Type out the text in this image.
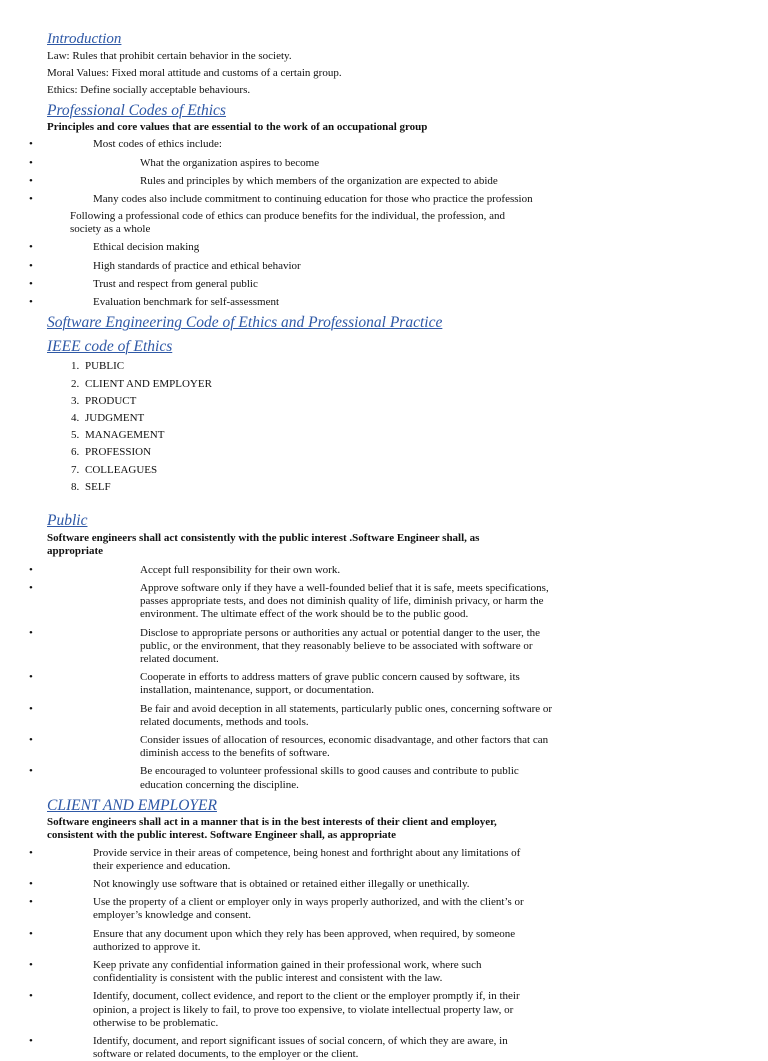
Introduction

Law: Rules that prohibit certain behavior in the society.

Moral Values: Fixed moral attitude and customs of a certain group.

Ethics: Define socially acceptable behaviours.

Professional Codes of Ethics

Principles and core values that are essential to the work of an occupational group

•	Most codes of ethics include:
•	What the organization aspires to become
•	Rules and principles by which members of the organization are expected to abide
•	Many codes also include commitment to continuing education for those who practice the profession

Following a professional code of ethics can produce benefits for the individual, the profession, and

society as a whole

•	Ethical decision making
•	High standards of practice and ethical behavior
•	Trust and respect from general public
•	Evaluation benchmark for self-assessment
Software Engineering Code of Ethics and Professional Practice
IEEE code of Ethics
1. PUBLIC
2. CLIENT AND EMPLOYER
3. PRODUCT
4. JUDGMENT
5. MANAGEMENT
6. PROFESSION
7. COLLEAGUES
8. SELF
Public

Software engineers shall act consistently with the public interest .Software Engineer shall, as

appropriate

•	Accept full responsibility for their own work.

•	Approve software only if they have a well-founded belief that it is safe, meets specifications,

passes appropriate tests, and does not diminish quality of life, diminish privacy, or harm the

environment. The ultimate effect of the work should be to the public good.

•	Disclose to appropriate persons or authorities any actual or potential danger to the user, the

public, or the environment, that they reasonably believe to be associated with software or

related document.

•	Cooperate in efforts to address matters of grave public concern caused by software, its

installation, maintenance, support, or documentation.

•	Be fair and avoid deception in all statements, particularly public ones, concerning software or

related documents, methods and tools.

•	Consider issues of allocation of resources, economic disadvantage, and other factors that can

diminish access to the benefits of software.

•	Be encouraged to volunteer professional skills to good causes and contribute to public

education concerning the discipline.

CLIENT AND EMPLOYER

Software engineers shall act in a manner that is in the best interests of their client and employer,

consistent with the public interest. Software Engineer shall, as appropriate

•	Provide service in their areas of competence, being honest and forthright about any limitations of

their experience and education.

•	Not knowingly use software that is obtained or retained either illegally or unethically.

•	Use the property of a client or employer only in ways properly authorized, and with the client’s or

employer’s knowledge and consent.

•	Ensure that any document upon which they rely has been approved, when required, by someone

authorized to approve it.

•	Keep private any confidential information gained in their professional work, where such

confidentiality is consistent with the public interest and consistent with the law.

•	Identify, document, collect evidence, and report to the client or the employer promptly if, in their

opinion, a project is likely to fail, to prove too expensive, to violate intellectual property law, or

otherwise to be problematic.

•	Identify, document, and report significant issues of social concern, of which they are aware, in

software or related documents, to the employer or the client.
